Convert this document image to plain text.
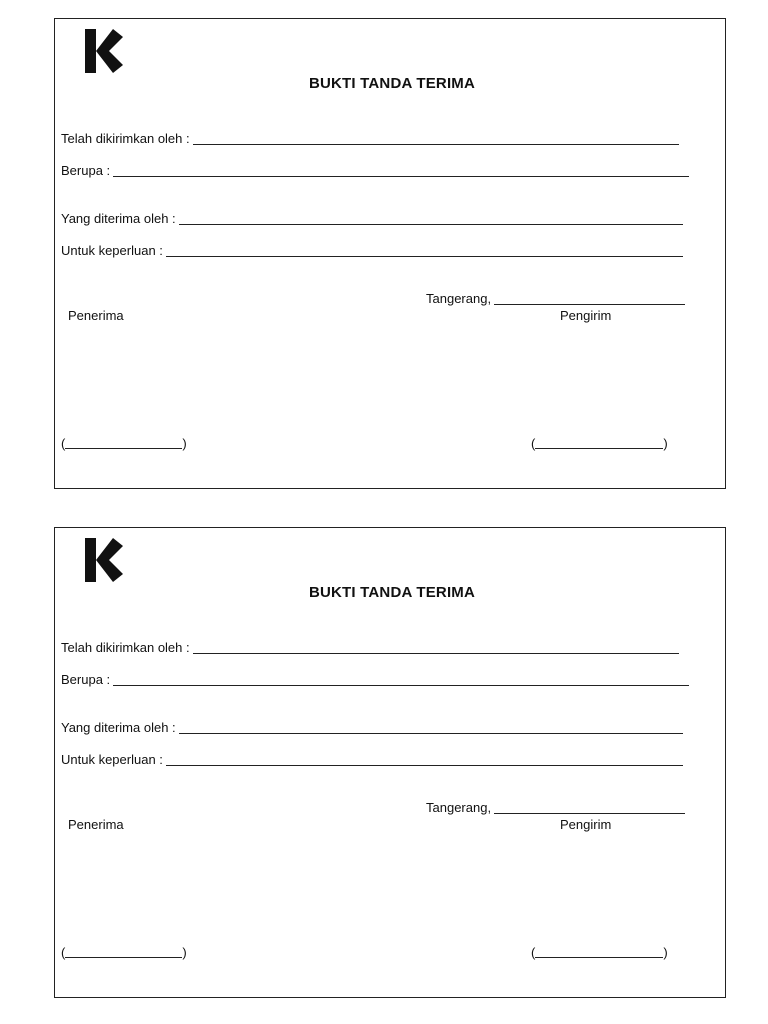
BUKTI TANDA TERIMA
Telah dikirimkan oleh :
Berupa :
Yang diterima oleh :
Untuk keperluan :
Tangerang,
Penerima	Pengirim
(	)	(	)
BUKTI TANDA TERIMA
Telah dikirimkan oleh :
Berupa :
Yang diterima oleh :
Untuk keperluan :
Tangerang,
Penerima	Pengirim
(	)	(	)
